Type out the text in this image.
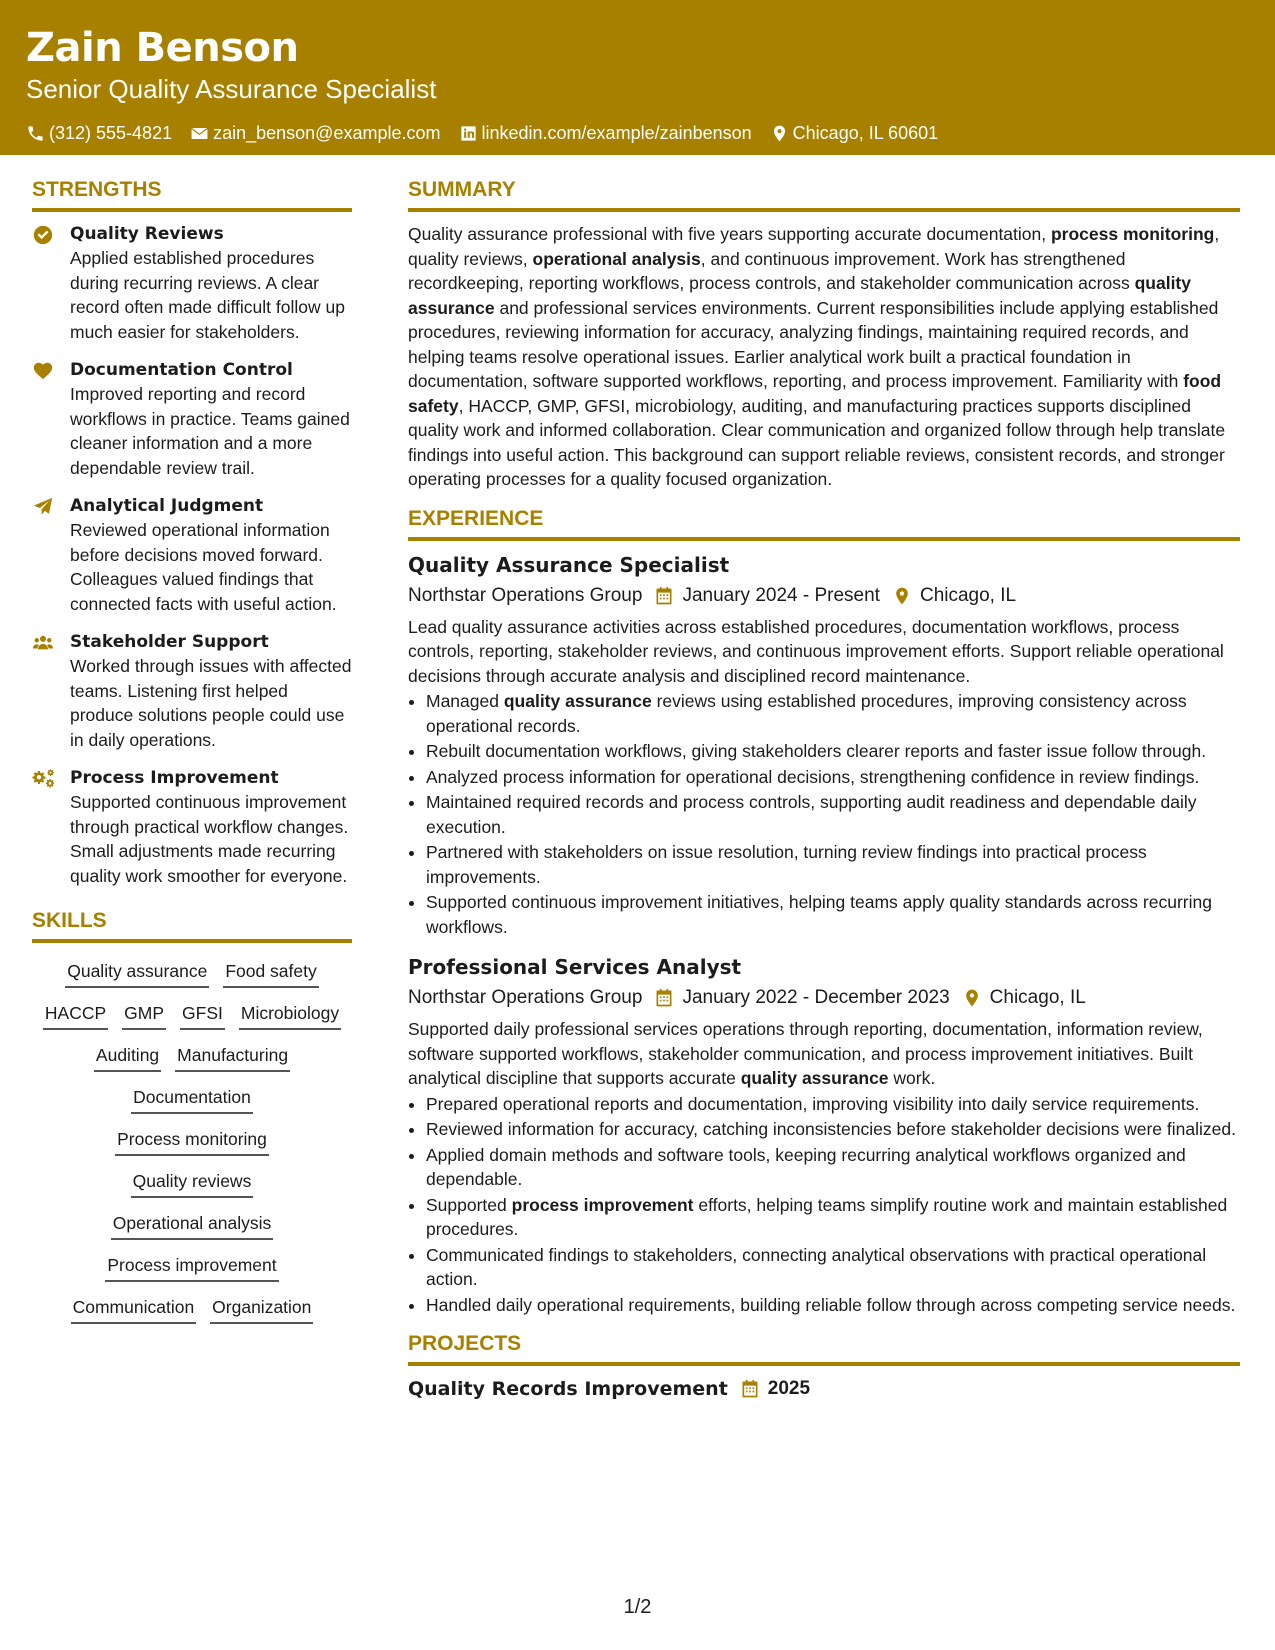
Zain Benson
Senior Quality Assurance Specialist
(312) 555-4821 zain_benson@example.com linkedin.com/example/zainbenson Chicago, IL 60601
STRENGTHS
Quality Reviews
Applied established procedures during recurring reviews. A clear record often made difficult follow up much easier for stakeholders.
Documentation Control
Improved reporting and record workflows in practice. Teams gained cleaner information and a more dependable review trail.
Analytical Judgment
Reviewed operational information before decisions moved forward. Colleagues valued findings that connected facts with useful action.
Stakeholder Support
Worked through issues with affected teams. Listening first helped produce solutions people could use in daily operations.
Process Improvement
Supported continuous improvement through practical workflow changes. Small adjustments made recurring quality work smoother for everyone.
SKILLS
Quality assurance Food safety
HACCP GMP GFSI Microbiology
Auditing Manufacturing
Documentation
Process monitoring
Quality reviews
Operational analysis
Process improvement
Communication Organization
SUMMARY

Quality assurance professional with five years supporting accurate documentation, process monitoring, quality reviews, operational analysis, and continuous improvement. Work has strengthened recordkeeping, reporting workflows, process controls, and stakeholder communication across quality assurance and professional services environments. Current responsibilities include applying established procedures, reviewing information for accuracy, analyzing findings, maintaining required records, and helping teams resolve operational issues. Earlier analytical work built a practical foundation in documentation, software supported workflows, reporting, and process improvement. Familiarity with food safety, HACCP, GMP, GFSI, microbiology, auditing, and manufacturing practices supports disciplined quality work and informed collaboration. Clear communication and organized follow through help translate findings into useful action. This background can support reliable reviews, consistent records, and stronger operating processes for a quality focused organization.

EXPERIENCE
Quality Assurance Specialist
Northstar Operations Group January 2024 - Present Chicago, IL

Lead quality assurance activities across established procedures, documentation workflows, process controls, reporting, stakeholder reviews, and continuous improvement efforts. Support reliable operational decisions through accurate analysis and disciplined record maintenance.

• Managed quality assurance reviews using established procedures, improving consistency across operational records.
• Rebuilt documentation workflows, giving stakeholders clearer reports and faster issue follow through.
• Analyzed process information for operational decisions, strengthening confidence in review findings.
• Maintained required records and process controls, supporting audit readiness and dependable daily execution.
• Partnered with stakeholders on issue resolution, turning review findings into practical process improvements.
• Supported continuous improvement initiatives, helping teams apply quality standards across recurring workflows.
Professional Services Analyst
Northstar Operations Group January 2022 - December 2023 Chicago, IL

Supported daily professional services operations through reporting, documentation, information review, software supported workflows, stakeholder communication, and process improvement initiatives. Built analytical discipline that supports accurate quality assurance work.

• Prepared operational reports and documentation, improving visibility into daily service requirements.
• Reviewed information for accuracy, catching inconsistencies before stakeholder decisions were finalized.
• Applied domain methods and software tools, keeping recurring analytical workflows organized and dependable.
• Supported process improvement efforts, helping teams simplify routine work and maintain established procedures.
• Communicated findings to stakeholders, connecting analytical observations with practical operational action.
• Handled daily operational requirements, building reliable follow through across competing service needs.
PROJECTS
Quality Records Improvement 2025
1/2
